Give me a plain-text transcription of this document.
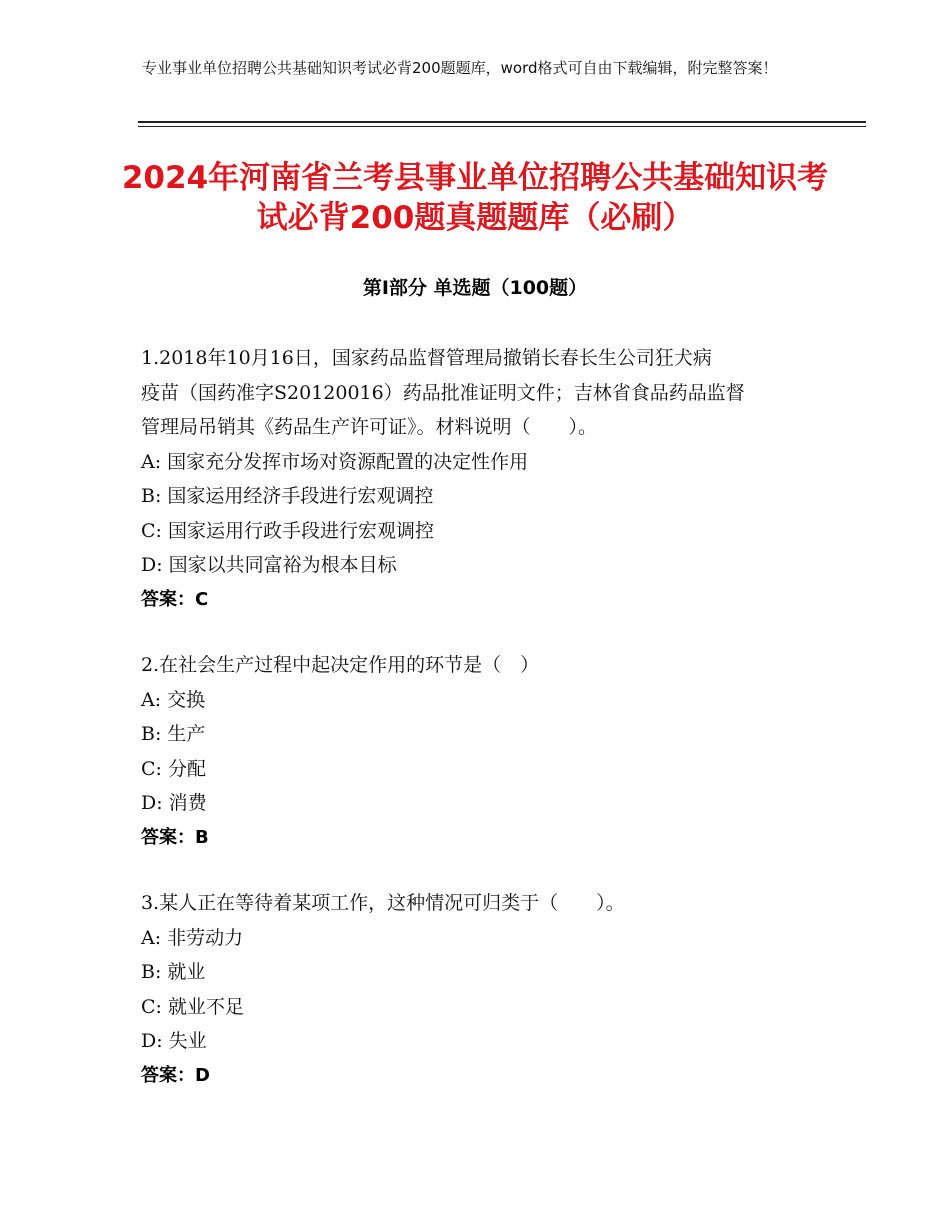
专业事业单位招聘公共基础知识考试必背200题题库，word格式可自由下载编辑，附完整答案！
2024年河南省兰考县事业单位招聘公共基础知识考试必背200题真题题库（必刷）
第Ⅰ部分 单选题（100题）
1.2018年10月16日，国家药品监督管理局撤销长春长生公司狂犬病
疫苗（国药准字S20120016）药品批准证明文件；吉林省食品药品监督
管理局吊销其《药品生产许可证》。材料说明（　　）。
A: 国家充分发挥市场对资源配置的决定性作用
B: 国家运用经济手段进行宏观调控
C: 国家运用行政手段进行宏观调控
D: 国家以共同富裕为根本目标
答案：C
2.在社会生产过程中起决定作用的环节是（　）
A: 交换
B: 生产
C: 分配
D: 消费
答案：B
3.某人正在等待着某项工作，这种情况可归类于（　　）。
A: 非劳动力
B: 就业
C: 就业不足
D: 失业
答案：D
